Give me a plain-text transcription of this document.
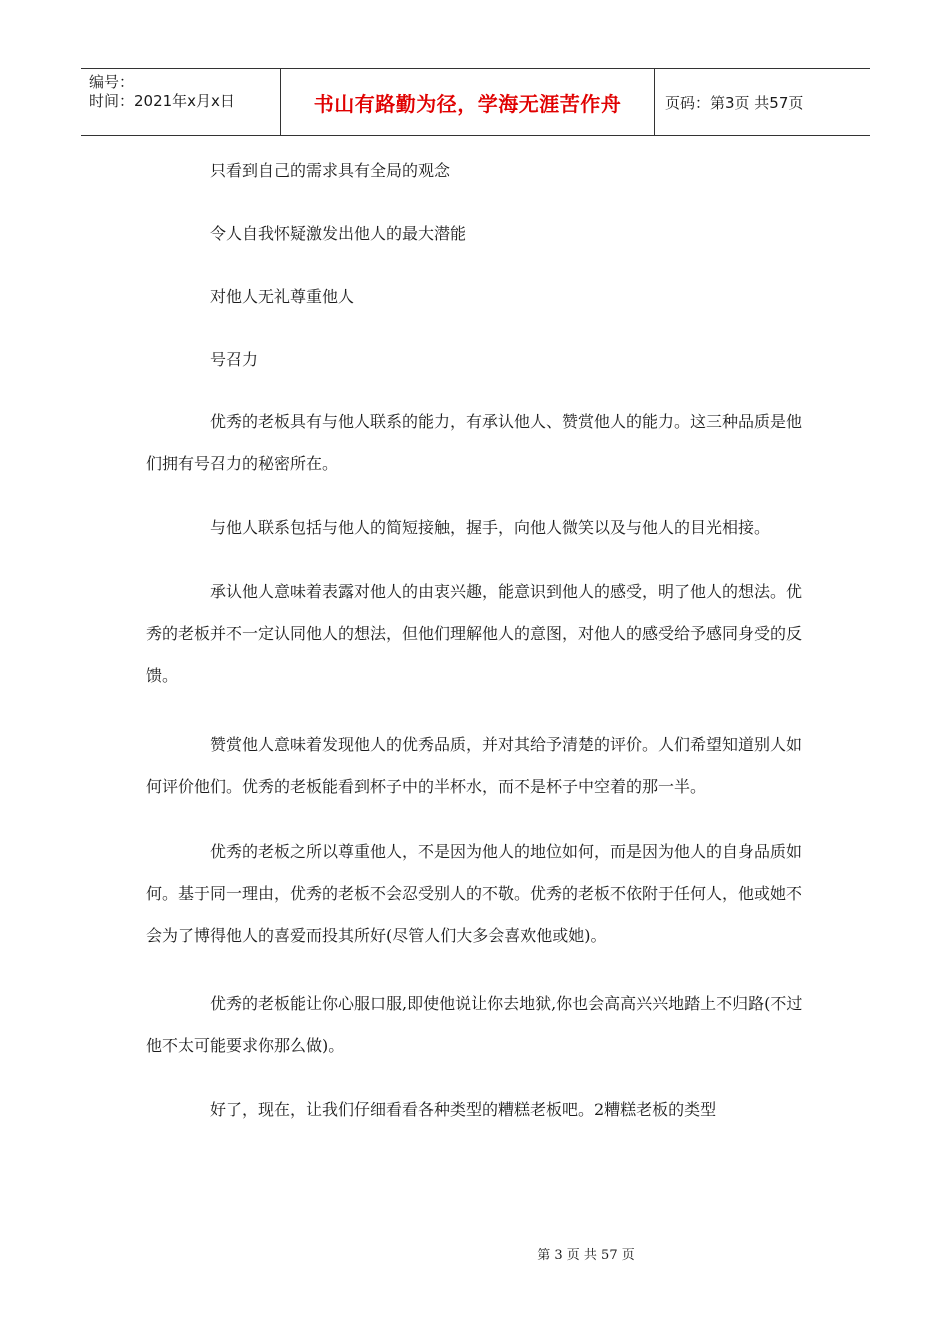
编号：
时间：2021年x月x日	书山有路勤为径，学海无涯苦作舟	页码：第3页 共57页
只看到自己的需求具有全局的观念
令人自我怀疑激发出他人的最大潜能
对他人无礼尊重他人
号召力
优秀的老板具有与他人联系的能力，有承认他人、赞赏他人的能力。这三种品质是他们拥有号召力的秘密所在。
与他人联系包括与他人的简短接触，握手，向他人微笑以及与他人的目光相接。
承认他人意味着表露对他人的由衷兴趣，能意识到他人的感受，明了他人的想法。优秀的老板并不一定认同他人的想法，但他们理解他人的意图，对他人的感受给予感同身受的反馈。
赞赏他人意味着发现他人的优秀品质，并对其给予清楚的评价。人们希望知道别人如何评价他们。优秀的老板能看到杯子中的半杯水，而不是杯子中空着的那一半。
优秀的老板之所以尊重他人，不是因为他人的地位如何，而是因为他人的自身品质如何。基于同一理由，优秀的老板不会忍受别人的不敬。优秀的老板不依附于任何人，他或她不会为了博得他人的喜爱而投其所好(尽管人们大多会喜欢他或她)。
优秀的老板能让你心服口服,即使他说让你去地狱,你也会高高兴兴地踏上不归路(不过他不太可能要求你那么做)。
好了，现在，让我们仔细看看各种类型的糟糕老板吧。2糟糕老板的类型
第 3 页 共 57 页
